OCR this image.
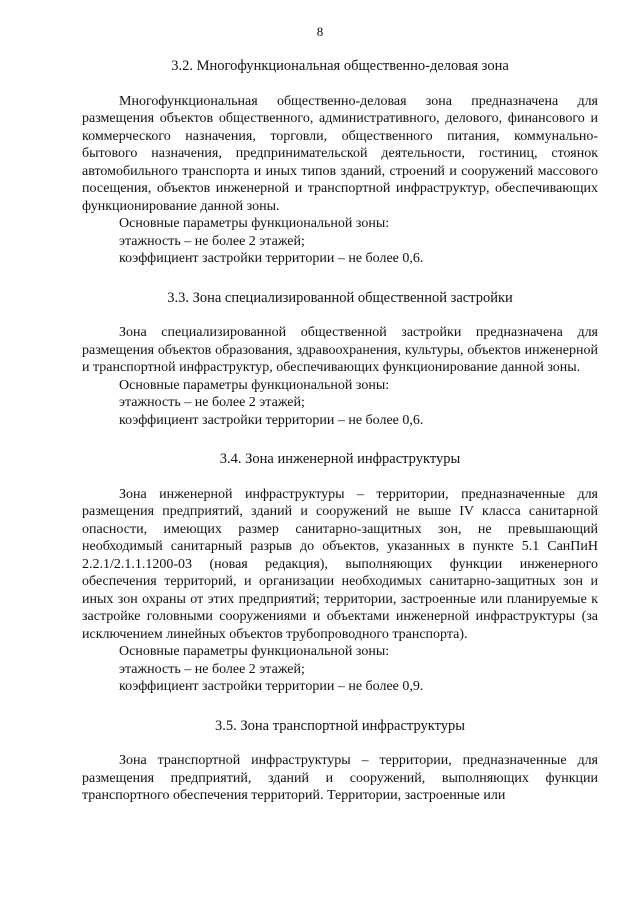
8
3.2. Многофункциональная общественно-деловая зона

Многофункциональная общественно-деловая зона предназначена для размещения объектов общественного, административного, делового, финансового и коммерческого назначения, торговли, общественного питания, коммунально-бытового назначения, предпринимательской деятельности, гостиниц, стоянок автомобильного транспорта и иных типов зданий, строений и сооружений массового посещения, объектов инженерной и транспортной инфраструктур, обеспечивающих функционирование данной зоны.

Основные параметры функциональной зоны:

этажность – не более 2 этажей;

коэффициент застройки территории – не более 0,6.

3.3. Зона специализированной общественной застройки

Зона специализированной общественной застройки предназначена для размещения объектов образования, здравоохранения, культуры, объектов инженерной и транспортной инфраструктур, обеспечивающих функционирование данной зоны.

Основные параметры функциональной зоны:

этажность – не более 2 этажей;

коэффициент застройки территории – не более 0,6.

3.4. Зона инженерной инфраструктуры

Зона инженерной инфраструктуры – территории, предназначенные для размещения предприятий, зданий и сооружений не выше IV класса санитарной опасности, имеющих размер санитарно-защитных зон, не превышающий необходимый санитарный разрыв до объектов, указанных в пункте 5.1 СанПиН 2.2.1/2.1.1.1200-03 (новая редакция), выполняющих функции инженерного обеспечения территорий, и организации необходимых санитарно-защитных зон и иных зон охраны от этих предприятий; территории, застроенные или планируемые к застройке головными сооружениями и объектами инженерной инфраструктуры (за исключением линейных объектов трубопроводного транспорта).

Основные параметры функциональной зоны:

этажность – не более 2 этажей;

коэффициент застройки территории – не более 0,9.

3.5. Зона транспортной инфраструктуры

Зона транспортной инфраструктуры – территории, предназначенные для размещения предприятий, зданий и сооружений, выполняющих функции транспортного обеспечения территорий. Территории, застроенные или
